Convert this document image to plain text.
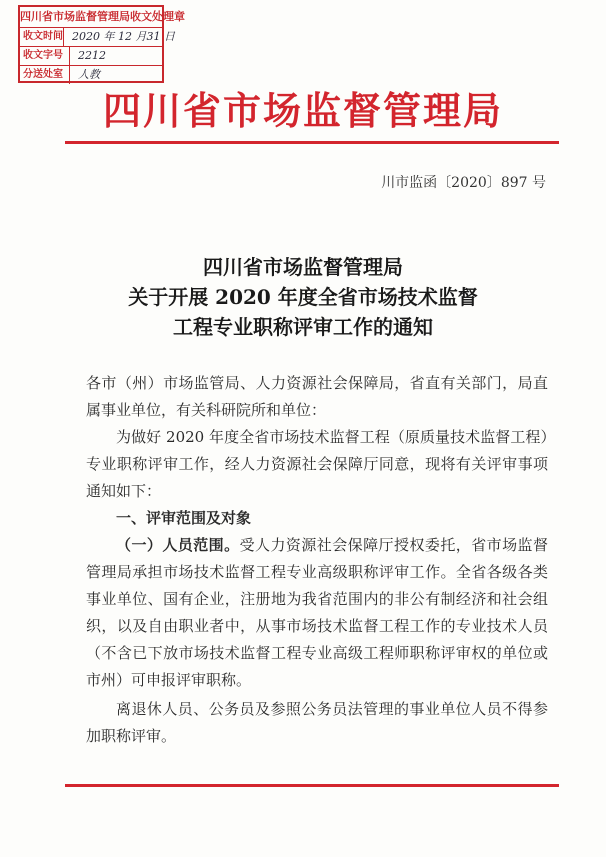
四川省市场监督管理局收文处理章
收文时间 2020 年 12 月31 日
收文字号	2212
分送处室	人教
四川省市场监督管理局
川市监函〔2020〕897 号
四川省市场监督管理局
关于开展 2020 年度全省市场技术监督
工程专业职称评审工作的通知

各市（州）市场监管局、人力资源社会保障局，省直有关部门，局直属事业单位，有关科研院所和单位：

为做好 2020 年度全省市场技术监督工程（原质量技术监督工程）专业职称评审工作，经人力资源社会保障厅同意，现将有关评审事项通知如下：

一、评审范围及对象

（一）人员范围。受人力资源社会保障厅授权委托，省市场监督管理局承担市场技术监督工程专业高级职称评审工作。全省各级各类事业单位、国有企业，注册地为我省范围内的非公有制经济和社会组织，以及自由职业者中，从事市场技术监督工程工作的专业技术人员（不含已下放市场技术监督工程专业高级工程师职称评审权的单位或市州）可申报评审职称。

离退休人员、公务员及参照公务员法管理的事业单位人员不得参加职称评审。
